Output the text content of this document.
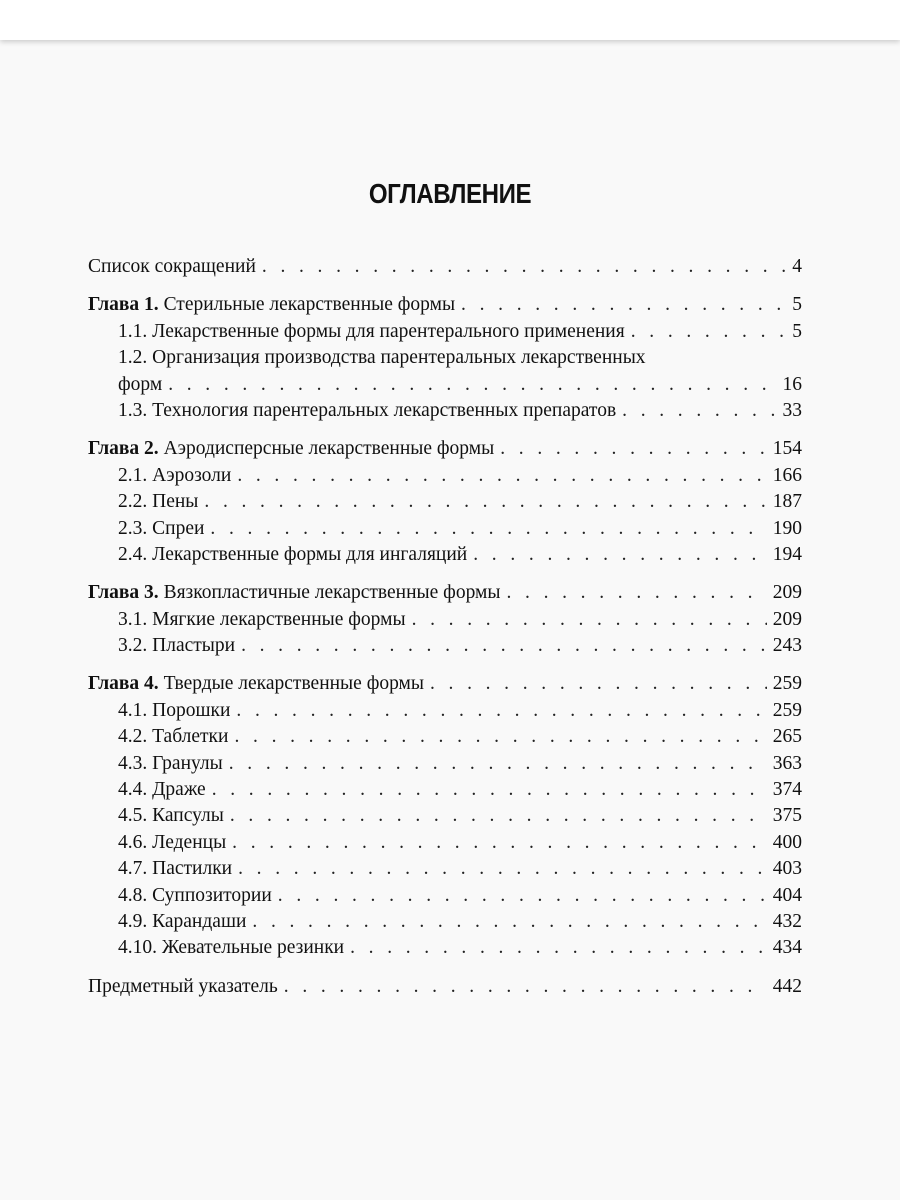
ОГЛАВЛЕНИЕ
Список сокращений . . .	4
Глава 1. Стерильные лекарственные формы . . .	5
1.1. Лекарственные формы для парентерального применения . . .	5
1.2. Организация производства парентеральных лекарственных
форм . . .	16
1.3. Технология парентеральных лекарственных препаратов . . .	33
Глава 2. Аэродисперсные лекарственные формы . . .	154
2.1. Аэрозоли . . .	166
2.2. Пены . . .	187
2.3. Спреи . . .	190
2.4. Лекарственные формы для ингаляций . . .	194
Глава 3. Вязкопластичные лекарственные формы . . .	209
3.1. Мягкие лекарственные формы . . .	209
3.2. Пластыри . . .	243
Глава 4. Твердые лекарственные формы . . .	259
4.1. Порошки . . .	259
4.2. Таблетки . . .	265
4.3. Гранулы . . .	363
4.4. Драже . . .	374
4.5. Капсулы . . .	375
4.6. Леденцы . . .	400
4.7. Пастилки . . .	403
4.8. Суппозитории . . .	404
4.9. Карандаши . . .	432
4.10. Жевательные резинки . . .	434
Предметный указатель . . .	442
